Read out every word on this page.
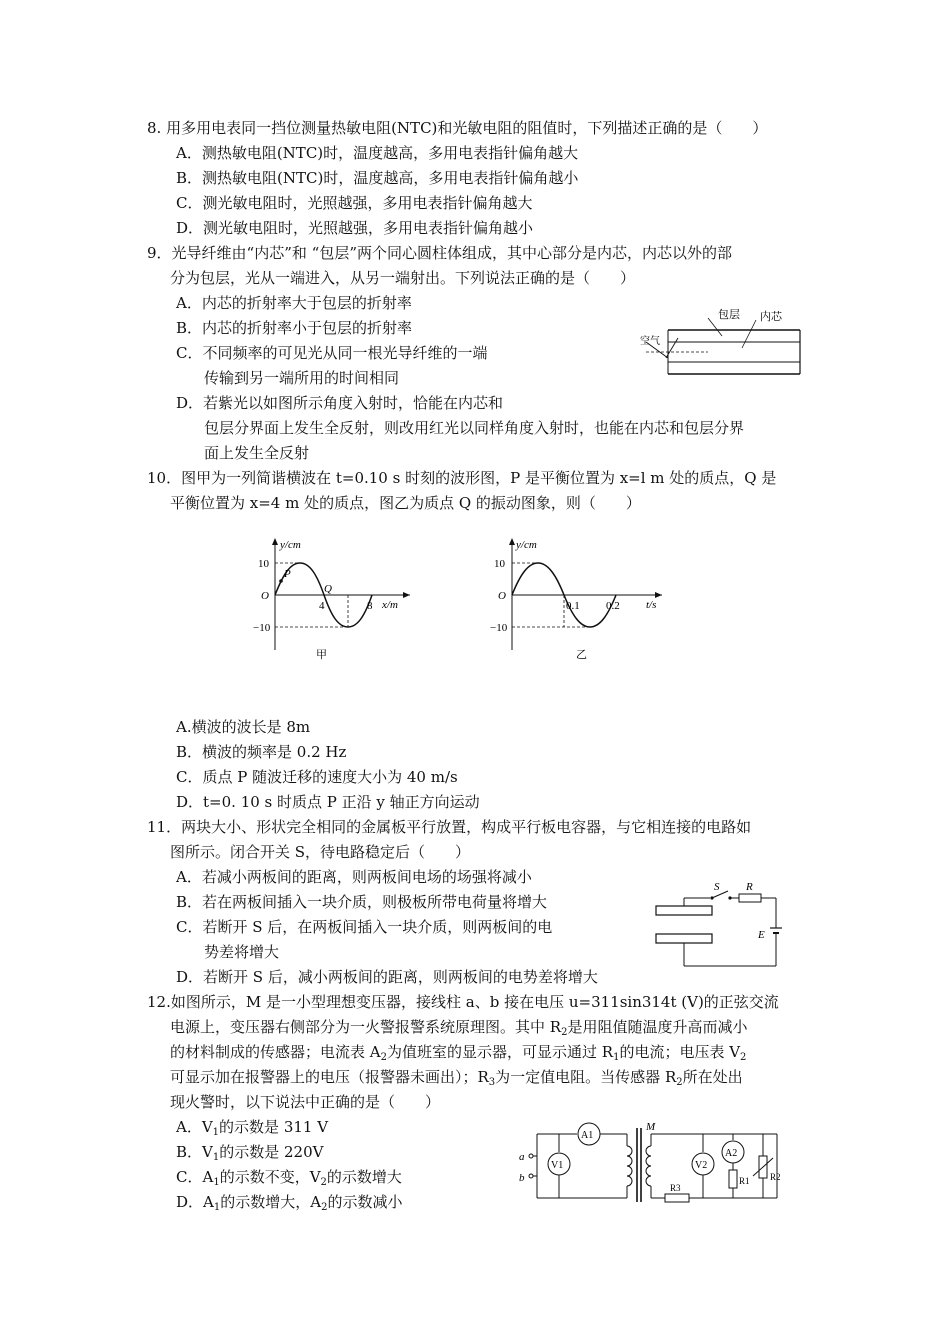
8. 用多用电表同一挡位测量热敏电阻(NTC)和光敏电阻的阻值时，下列描述正确的是（　　）
A．测热敏电阻(NTC)时，温度越高，多用电表指针偏角越大
B．测热敏电阻(NTC)时，温度越高，多用电表指针偏角越小
C．测光敏电阻时，光照越强，多用电表指针偏角越大
D．测光敏电阻时，光照越强，多用电表指针偏角越小
9．光导纤维由“内芯”和 “包层”两个同心圆柱体组成，其中心部分是内芯，内芯以外的部
分为包层，光从一端进入，从另一端射出。下列说法正确的是（　　）
A．内芯的折射率大于包层的折射率
B．内芯的折射率小于包层的折射率
C．不同频率的可见光从同一根光导纤维的一端
传输到另一端所用的时间相同
D．若紫光以如图所示角度入射时，恰能在内芯和
包层分界面上发生全反射，则改用红光以同样角度入射时，也能在内芯和包层分界
面上发生全反射
包层 内芯
空气
10．图甲为一列简谐横波在 t=0.10 s 时刻的波形图，P 是平衡位置为 x=l m 处的质点，Q 是
平衡位置为 x=4 m 处的质点，图乙为质点 Q 的振动图象，则（　　）
P
Q
y/cm
10
−10
O
4	8 x/m
甲
y/cm
10
−10
O
0.1 0.2 t/s
乙
A.横波的波长是 8m
B．横波的频率是 0.2 Hz
C．质点 P 随波迁移的速度大小为 40 m/s
D．t=0. 10 s 时质点 P 正沿 y 轴正方向运动
11．两块大小、形状完全相同的金属板平行放置，构成平行板电容器，与它相连接的电路如
图所示。闭合开关 S，待电路稳定后（　　）
A．若减小两板间的距离，则两板间电场的场强将减小
B．若在两板间插入一块介质，则极板所带电荷量将增大
C．若断开 S 后，在两板间插入一块介质，则两板间的电
势差将增大
D．若断开 S 后，减小两板间的距离，则两板间的电势差将增大
S R
E
12.如图所示，M 是一小型理想变压器，接线柱 a、b 接在电压 u=311sin314t (V)的正弦交流
电源上，变压器右侧部分为一火警报警系统原理图。其中 $R_2$是用阻值随温度升高而减小
的材料制成的传感器；电流表 $A_2$为值班室的显示器，可显示通过 $R_1$的电流；电压表 $V_2$
可显示加在报警器上的电压（报警器未画出）；$R_3$为一定值电阻。当传感器 $R_2$所在处出
现火警时，以下说法中正确的是（　　）
A．$V_1$的示数是 311 V
B．$V_1$的示数是 220V
C．$A_1$的示数不变，$V_2$的示数增大
D．$A_1$的示数增大，$A_2$的示数减小
a
b
A1
V1
M
R3
V2
A2
R1 R2
